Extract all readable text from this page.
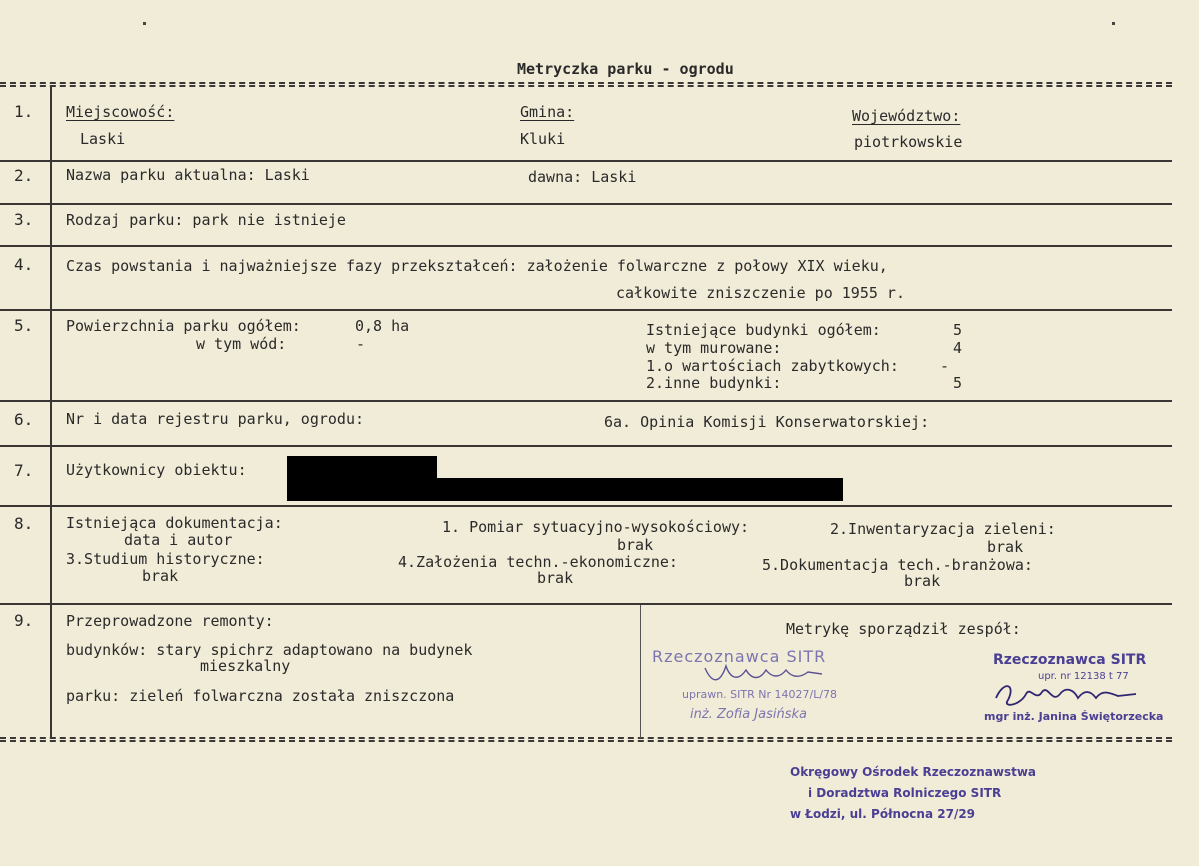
Metryczka parku - ogrodu
1.	Miejscowość:
Laski
Gmina:
Kluki
Województwo:
piotrkowskie
2.	Nazwa parku aktualna: Laski	dawna: Laski
3.	Rodzaj parku: park nie istnieje
4.	Czas powstania i najważniejsze fazy przekształceń: założenie folwarczne z połowy XIX wieku,
całkowite zniszczenie po 1955 r.
5.	Powierzchnia parku ogółem:	0,8 ha
w tym wód:	-
Istniejące budynki ogółem:	5
w tym murowane:	4
1.o wartościach zabytkowych:	-
2.inne budynki:	5
6.	Nr i data rejestru parku, ogrodu:	6a. Opinia Komisji Konserwatorskiej:
7.	Użytkownicy obiektu:
8.	Istniejąca dokumentacja:
data i autor
1. Pomiar sytuacyjno-wysokościowy:
brak
2.Inwentaryzacja zieleni:
brak
3.Studium historyczne:
brak
4.Założenia techn.-ekonomiczne:
brak
5.Dokumentacja tech.-branżowa:
brak
9.	Przeprowadzone remonty:
budynków: stary spichrz adaptowano na budynek
mieszkalny
parku: zieleń folwarczna została zniszczona
Metrykę sporządził zespół:
Rzeczoznawca SITR
uprawn. SITR Nr 14027/L/78
inż. Zofia Jasińska
Rzeczoznawca SITR
upr. nr 12138 t 77
mgr inż. Janina Świętorzecka
Okręgowy Ośrodek Rzeczoznawstwa
i Doradztwa Rolniczego SITR
w Łodzi, ul. Północna 27/29
